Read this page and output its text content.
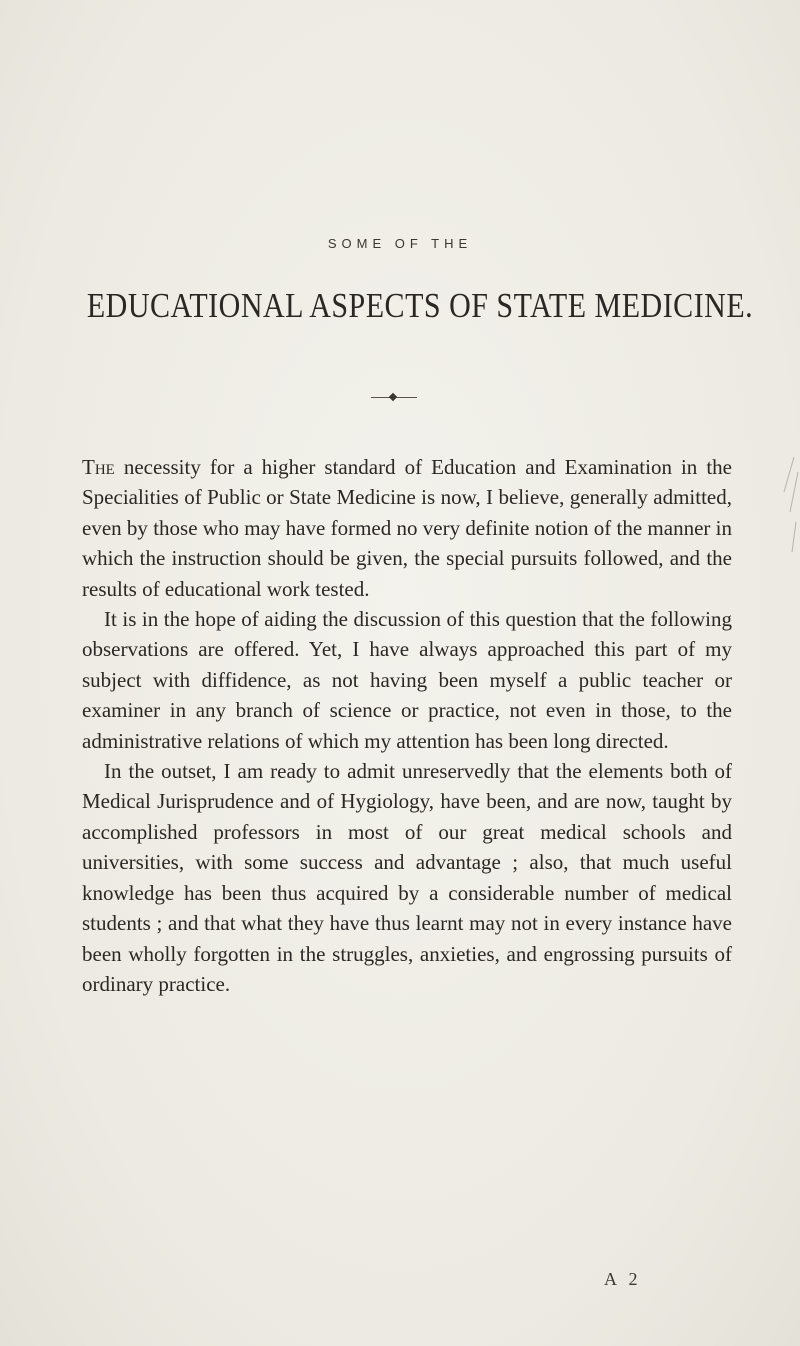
SOME OF THE
EDUCATIONAL ASPECTS OF STATE MEDICINE.

The necessity for a higher standard of Education and Examination in the Specialities of Public or State Medicine is now, I believe, generally admitted, even by those who may have formed no very definite notion of the manner in which the instruction should be given, the special pursuits followed, and the results of educational work tested.

It is in the hope of aiding the discussion of this question that the following observations are offered. Yet, I have always approached this part of my subject with diffidence, as not having been myself a public teacher or examiner in any branch of science or practice, not even in those, to the administrative relations of which my attention has been long directed.

In the outset, I am ready to admit unreservedly that the elements both of Medical Jurisprudence and of Hygiology, have been, and are now, taught by accomplished professors in most of our great medical schools and universities, with some success and advantage ; also, that much useful knowledge has been thus acquired by a considerable number of medical students ; and that what they have thus learnt may not in every instance have been wholly forgotten in the struggles, anxieties, and engrossing pursuits of ordinary practice.

A 2
